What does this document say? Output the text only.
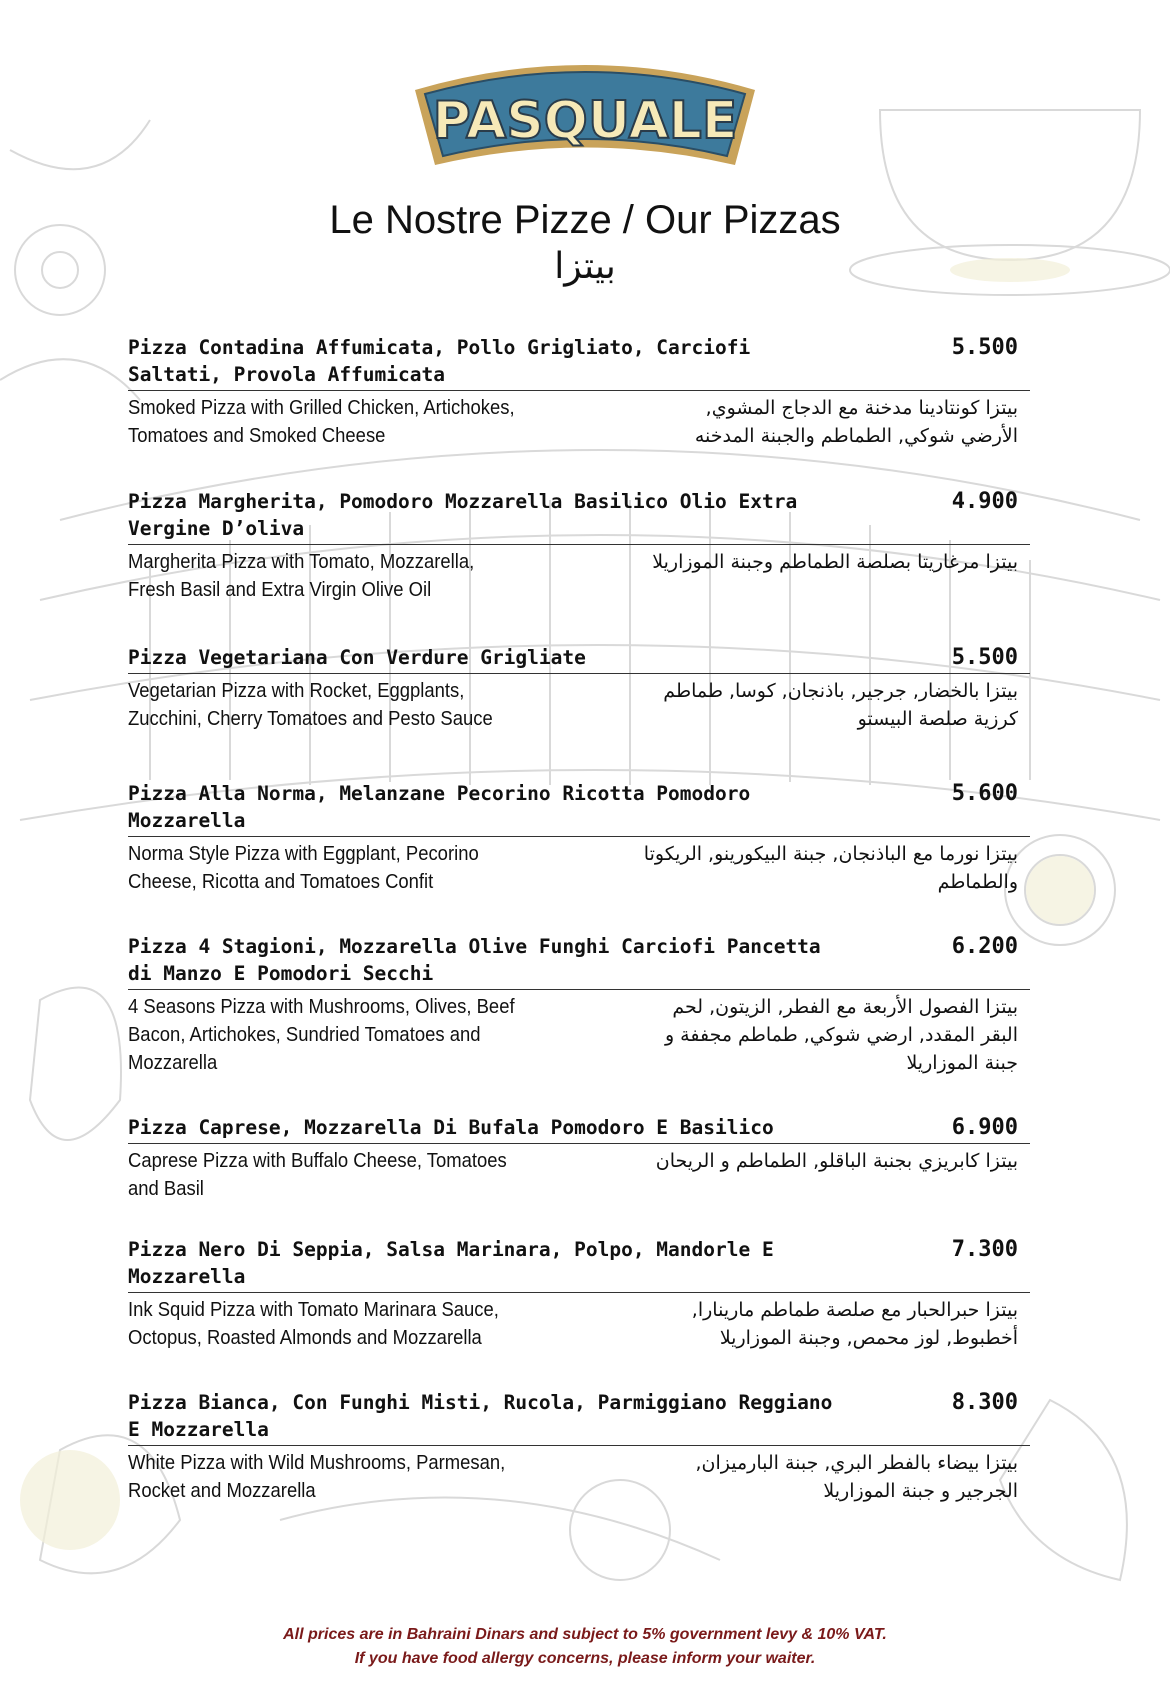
PASQUALE
Le Nostre Pizze / Our Pizzas
بيتزا
Pizza Contadina Affumicata, Pollo Grigliato, Carciofi Saltati, Provola Affumicata
5.500
Smoked Pizza with Grilled Chicken, Artichokes,
Tomatoes and Smoked Cheese
بيتزا كونتادينا مدخنة مع الدجاج المشوي,
الأرضي شوكي, الطماطم والجبنة المدخنه
Pizza Margherita, Pomodoro Mozzarella Basilico Olio Extra Vergine D’oliva
4.900
Margherita Pizza with Tomato, Mozzarella,
Fresh Basil and Extra Virgin Olive Oil
بيتزا مرغاريتا بصلصة الطماطم وجبنة الموزاريلا
Pizza Vegetariana Con Verdure Grigliate	5.500
Vegetarian Pizza with Rocket, Eggplants,
Zucchini, Cherry Tomatoes and Pesto Sauce
بيتزا بالخضار, جرجير, باذنجان, كوسا, طماطم
كرزية صلصة البيستو
Pizza Alla Norma, Melanzane Pecorino Ricotta Pomodoro Mozzarella
5.600
Norma Style Pizza with Eggplant, Pecorino
Cheese, Ricotta and Tomatoes Confit
بيتزا نورما مع الباذنجان, جبنة البيكورينو, الريكوتا
والطماطم
Pizza 4 Stagioni, Mozzarella Olive Funghi Carciofi Pancetta di Manzo E Pomodori Secchi
6.200
4 Seasons Pizza with Mushrooms, Olives, Beef
Bacon, Artichokes, Sundried Tomatoes and
Mozzarella
بيتزا الفصول الأربعة مع الفطر, الزيتون, لحم
البقر المقدد, ارضي شوكي, طماطم مجففة و
جبنة الموزاريلا
Pizza Caprese, Mozzarella Di Bufala Pomodoro E Basilico	6.900
Caprese Pizza with Buffalo Cheese, Tomatoes
and Basil
بيتزا كابريزي بجنبة الباقلو, الطماطم و الريحان
Pizza Nero Di Seppia, Salsa Marinara, Polpo, Mandorle E Mozzarella
7.300
Ink Squid Pizza with Tomato Marinara Sauce,
Octopus, Roasted Almonds and Mozzarella
بيتزا حبرالحبار مع صلصة طماطم مارينارا,
أخطبوط, لوز محمص, وجبنة الموزاريلا
Pizza Bianca, Con Funghi Misti, Rucola, Parmiggiano Reggiano E Mozzarella
8.300
White Pizza with Wild Mushrooms, Parmesan,
Rocket and Mozzarella
بيتزا بيضاء بالفطر البري, جبنة البارميزان,
الجرجير و جبنة الموزاريلا
All prices are in Bahraini Dinars and subject to 5% government levy & 10% VAT.
If you have food allergy concerns, please inform your waiter.
